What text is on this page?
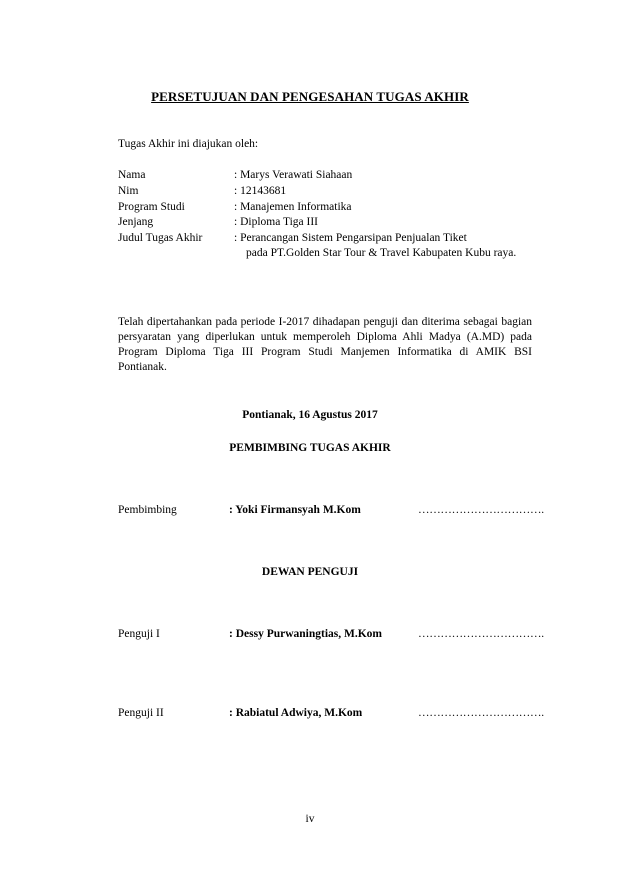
PERSETUJUAN DAN PENGESAHAN TUGAS AKHIR
Tugas Akhir ini diajukan oleh:
Nama	: Marys Verawati Siahaan
Nim	: 12143681
Program Studi	: Manajemen Informatika
Jenjang	: Diploma Tiga III
Judul Tugas Akhir	: Perancangan Sistem Pengarsipan Penjualan Tiket
pada PT.Golden Star Tour & Travel Kabupaten Kubu raya.
Telah dipertahankan pada periode I-2017 dihadapan penguji dan diterima sebagai bagian persyaratan yang diperlukan untuk memperoleh Diploma Ahli Madya (A.MD) pada Program Diploma Tiga III Program Studi Manjemen Informatika di AMIK BSI Pontianak.
Pontianak, 16 Agustus 2017
PEMBIMBING TUGAS AKHIR
Pembimbing	: Yoki Firmansyah M.Kom	…………………………….
DEWAN PENGUJI
Penguji I	: Dessy Purwaningtias, M.Kom	…………………………….
Penguji II	: Rabiatul Adwiya, M.Kom	…………………………….
iv
